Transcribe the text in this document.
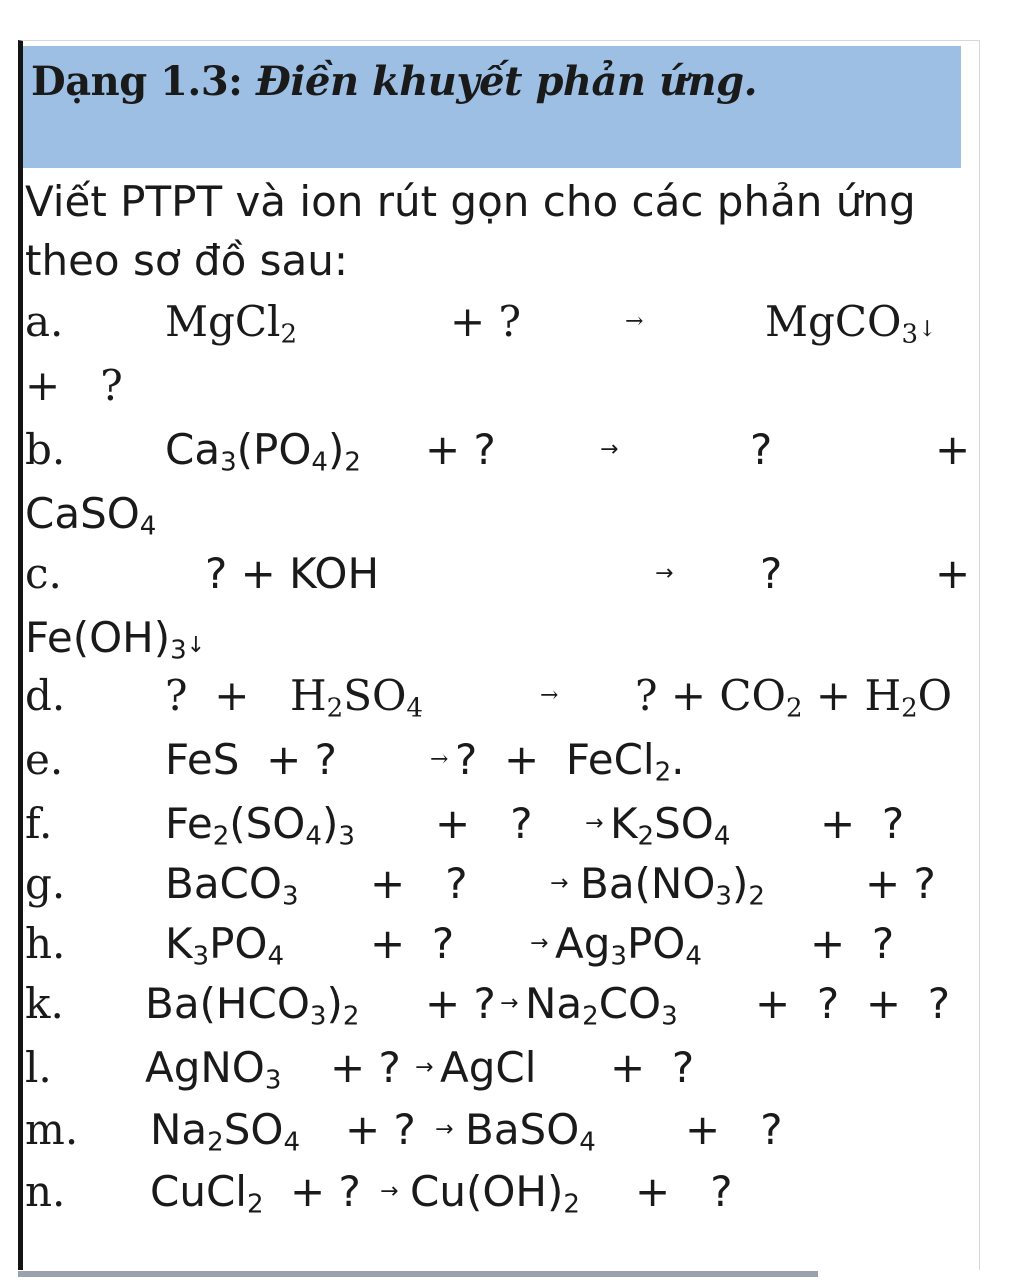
Dạng 1.3: Điền khuyết phản ứng.

Viết PTPT và ion rút gọn cho các phản ứng theo sơ đồ sau:

a. MgCl$_2$	+ ?	→	MgCO$_3$↓
+   ?
b. $Ca_3(PO_4)_2$ + ?	→	?	+
CaSO$_4$
c.	? + KOH	→ ?	+
$Fe(OH)_3↓$
d. ?  + $H_2SO_4$	→ ? + $CO_2 + H_2O$
e. FeS  + ?	→ ?  +  FeCl$_2$.
f.	$Fe_2(SO_4)_3$ +   ? → $K_2SO_4$ +  ?
g. BaCO$_3$ +   ?	→ $Ba(NO_3)_2$ + ?
h. $K_3PO_4$ +  ?	→ $Ag_3PO_4$	+  ?
k. $Ba(HCO_3)_2$ + ? → $Na_2CO_3$ +  ?  +  ?
l. AgNO$_3$ + ? → AgCl +  ?
m. $Na_2SO_4$ + ? → BaSO$_4$ +   ?
n. CuCl$_2$ + ? → $Cu(OH)_2$ +   ?
